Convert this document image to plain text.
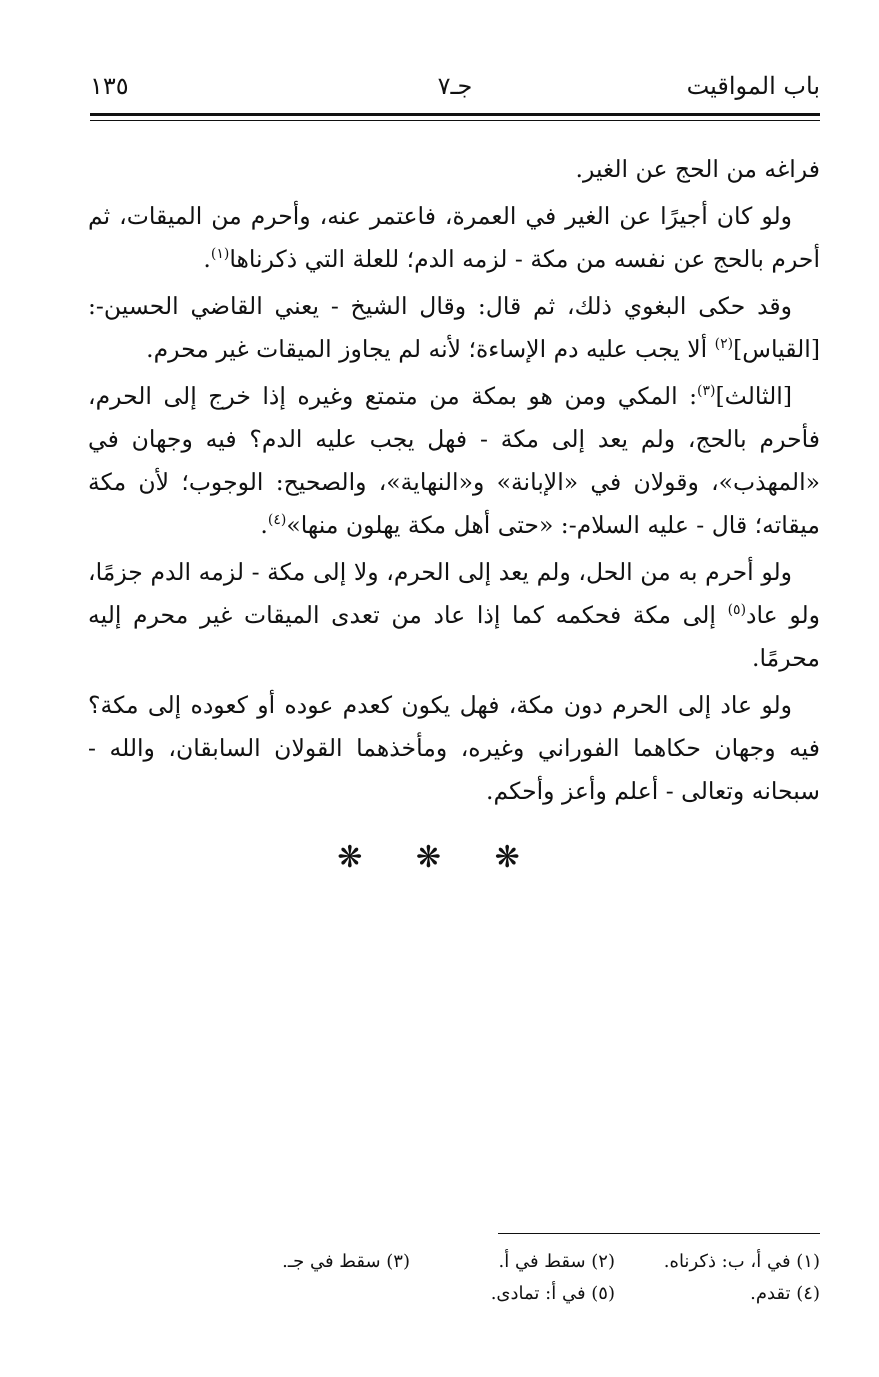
باب المواقيت
جـ٧
١٣٥

فراغه من الحج عن الغير.

ولو كان أجيرًا عن الغير في العمرة، فاعتمر عنه، وأحرم من الميقات، ثم أحرم بالحج عن نفسه من مكة - لزمه الدم؛ للعلة التي ذكرناها$^{(١)}$.

وقد حكى البغوي ذلك، ثم قال: وقال الشيخ - يعني القاضي الحسين-: [القياس]$^{(٢)}$ ألا يجب عليه دم الإساءة؛ لأنه لم يجاوز الميقات غير محرم.

[الثالث]$^{(٣)}$: المكي ومن هو بمكة من متمتع وغيره إذا خرج إلى الحرم، فأحرم بالحج، ولم يعد إلى مكة - فهل يجب عليه الدم؟ فيه وجهان في «المهذب»، وقولان في «الإبانة» و«النهاية»، والصحيح: الوجوب؛ لأن مكة ميقاته؛ قال - عليه السلام-: «حتى أهل مكة يهلون منها»$^{(٤)}$.

ولو أحرم به من الحل، ولم يعد إلى الحرم، ولا إلى مكة - لزمه الدم جزمًا، ولو عاد$^{(٥)}$ إلى مكة فحكمه كما إذا عاد من تعدى الميقات غير محرم إليه محرمًا.

ولو عاد إلى الحرم دون مكة، فهل يكون كعدم عوده أو كعوده إلى مكة؟ فيه وجهان حكاهما الفوراني وغيره، ومأخذهما القولان السابقان، والله - سبحانه وتعالى - أعلم وأعز وأحكم.

❋ ❋ ❋
(١) في أ، ب: ذكرناه.
(٢) سقط في أ.
(٣) سقط في جـ.
(٤) تقدم.
(٥) في أ: تمادى.
